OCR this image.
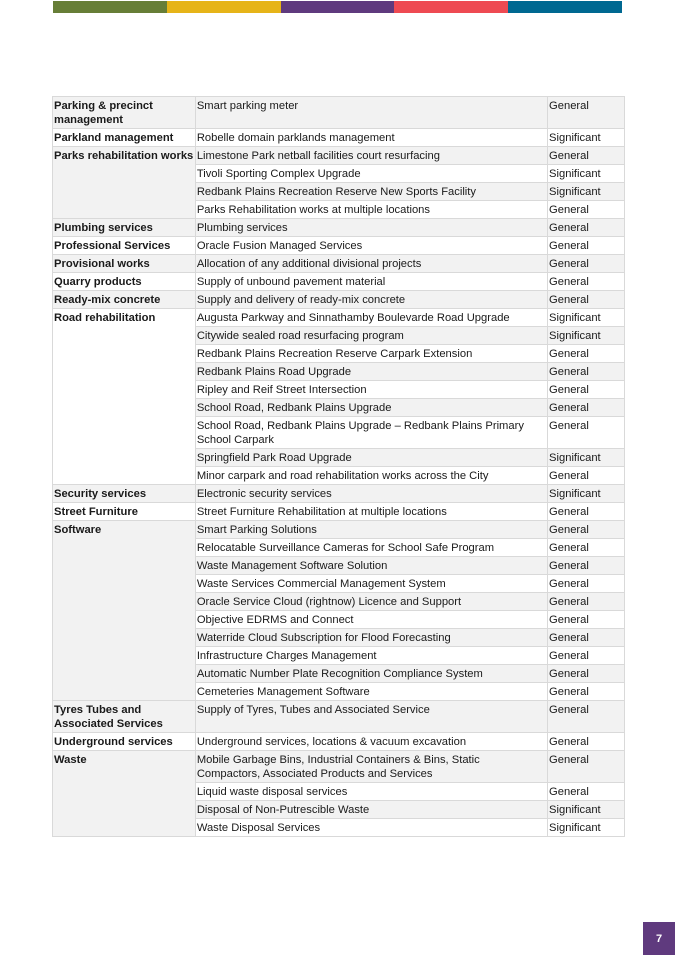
Parking & precinct management	Smart parking meter	General
Parkland management	Robelle domain parklands management	Significant
Parks rehabilitation works	Limestone Park netball facilities court resurfacing	General
	Tivoli Sporting Complex Upgrade	Significant
	Redbank Plains Recreation Reserve New Sports Facility	Significant
	Parks Rehabilitation works at multiple locations	General
Plumbing services	Plumbing services	General
Professional Services	Oracle Fusion Managed Services	General
Provisional works	Allocation of any additional divisional projects	General
Quarry products	Supply of unbound pavement material	General
Ready-mix concrete	Supply and delivery of ready-mix concrete	General
Road rehabilitation	Augusta Parkway and Sinnathamby Boulevarde Road Upgrade	Significant
	Citywide sealed road resurfacing program	Significant
	Redbank Plains Recreation Reserve Carpark Extension	General
	Redbank Plains Road Upgrade	General
	Ripley and Reif Street Intersection	General
	School Road, Redbank Plains Upgrade	General
	School Road, Redbank Plains Upgrade – Redbank Plains Primary School Carpark	General
	Springfield Park Road Upgrade	Significant
	Minor carpark and road rehabilitation works across the City	General
Security services	Electronic security services	Significant
Street Furniture	Street Furniture Rehabilitation at multiple locations	General
Software	Smart Parking Solutions	General
	Relocatable Surveillance Cameras for School Safe Program	General
	Waste Management Software Solution	General
	Waste Services Commercial Management System	General
	Oracle Service Cloud (rightnow) Licence and Support	General
	Objective EDRMS and Connect	General
	Waterride Cloud Subscription for Flood Forecasting	General
	Infrastructure Charges Management	General
	Automatic Number Plate Recognition Compliance System	General
	Cemeteries Management Software	General
Tyres Tubes and Associated Services	Supply of Tyres, Tubes and Associated Service	General
Underground services	Underground services, locations & vacuum excavation	General
Waste	Mobile Garbage Bins, Industrial Containers & Bins, Static Compactors, Associated Products and Services	General
	Liquid waste disposal services	General
	Disposal of Non-Putrescible Waste	Significant
	Waste Disposal Services	Significant
7
